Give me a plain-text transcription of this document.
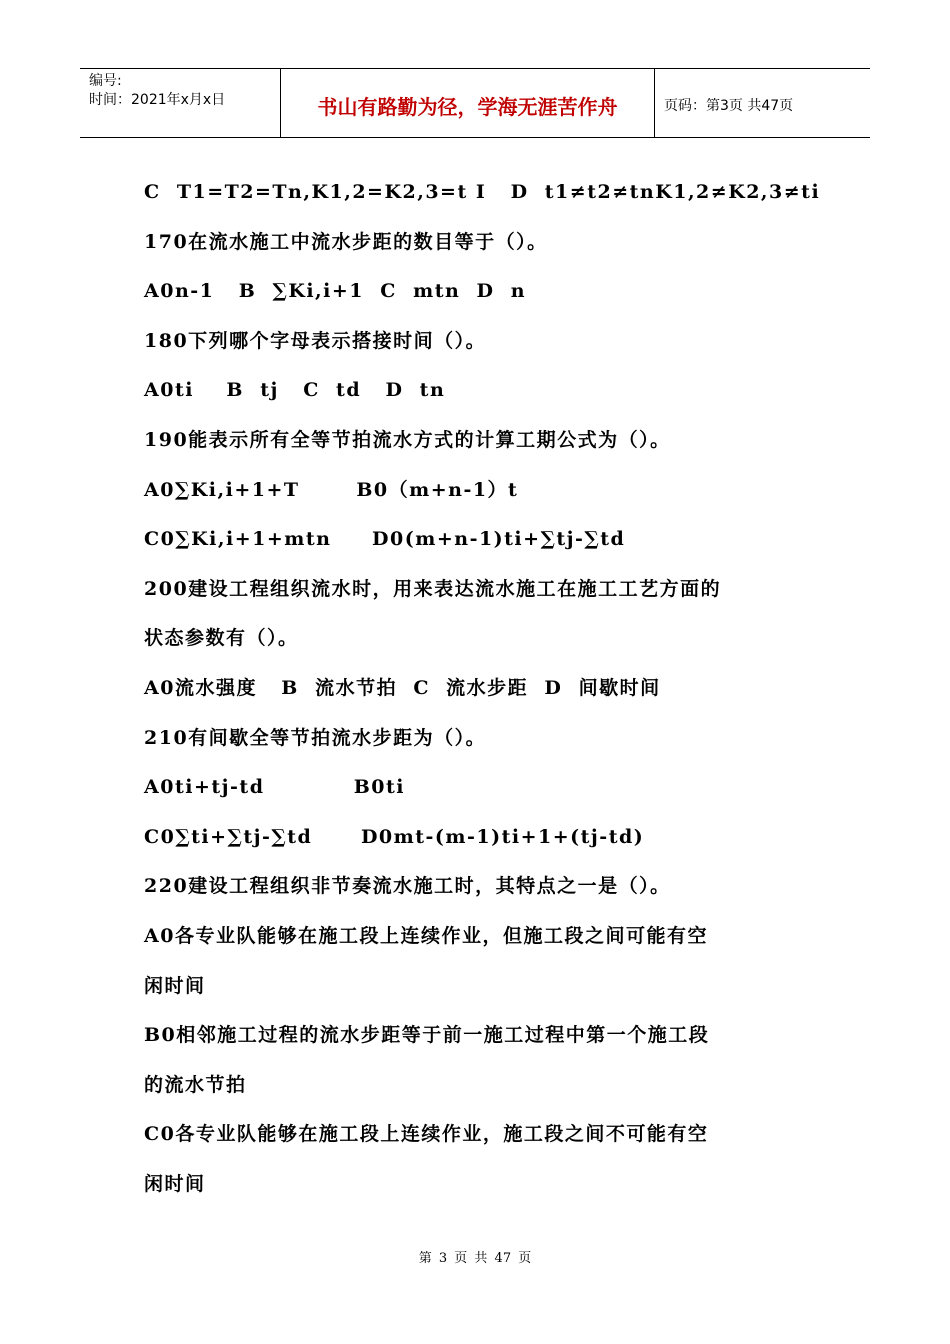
编号:
时间：2021年x月x日	书山有路勤为径，学海无涯苦作舟	页码：第3页 共47页
C  T1=T2=Tn,K1,2=K2,3=t I   D  t1≠t2≠tnK1,2≠K2,3≠ti
170在流水施工中流水步距的数目等于（）。
A0n-1   B  ∑Ki,i+1  C  mtn  D  n
180下列哪个字母表示搭接时间（）。
A0ti    B  tj   C  td   D  tn
190能表示所有全等节拍流水方式的计算工期公式为（）。
A0∑Ki,i+1+T       B0（m+n-1）t
C0∑Ki,i+1+mtn     D0(m+n-1)ti+∑tj-∑td
200建设工程组织流水时，用来表达流水施工在施工工艺方面的
状态参数有（）。
A0流水强度   B  流水节拍  C  流水步距  D  间歇时间
210有间歇全等节拍流水步距为（）。
A0ti+tj-td           B0ti
C0∑ti+∑tj-∑td      D0mt-(m-1)ti+1+(tj-td)
220建设工程组织非节奏流水施工时，其特点之一是（）。
A0各专业队能够在施工段上连续作业，但施工段之间可能有空
闲时间
B0相邻施工过程的流水步距等于前一施工过程中第一个施工段
的流水节拍
C0各专业队能够在施工段上连续作业，施工段之间不可能有空
闲时间
第 3 页 共 47 页
